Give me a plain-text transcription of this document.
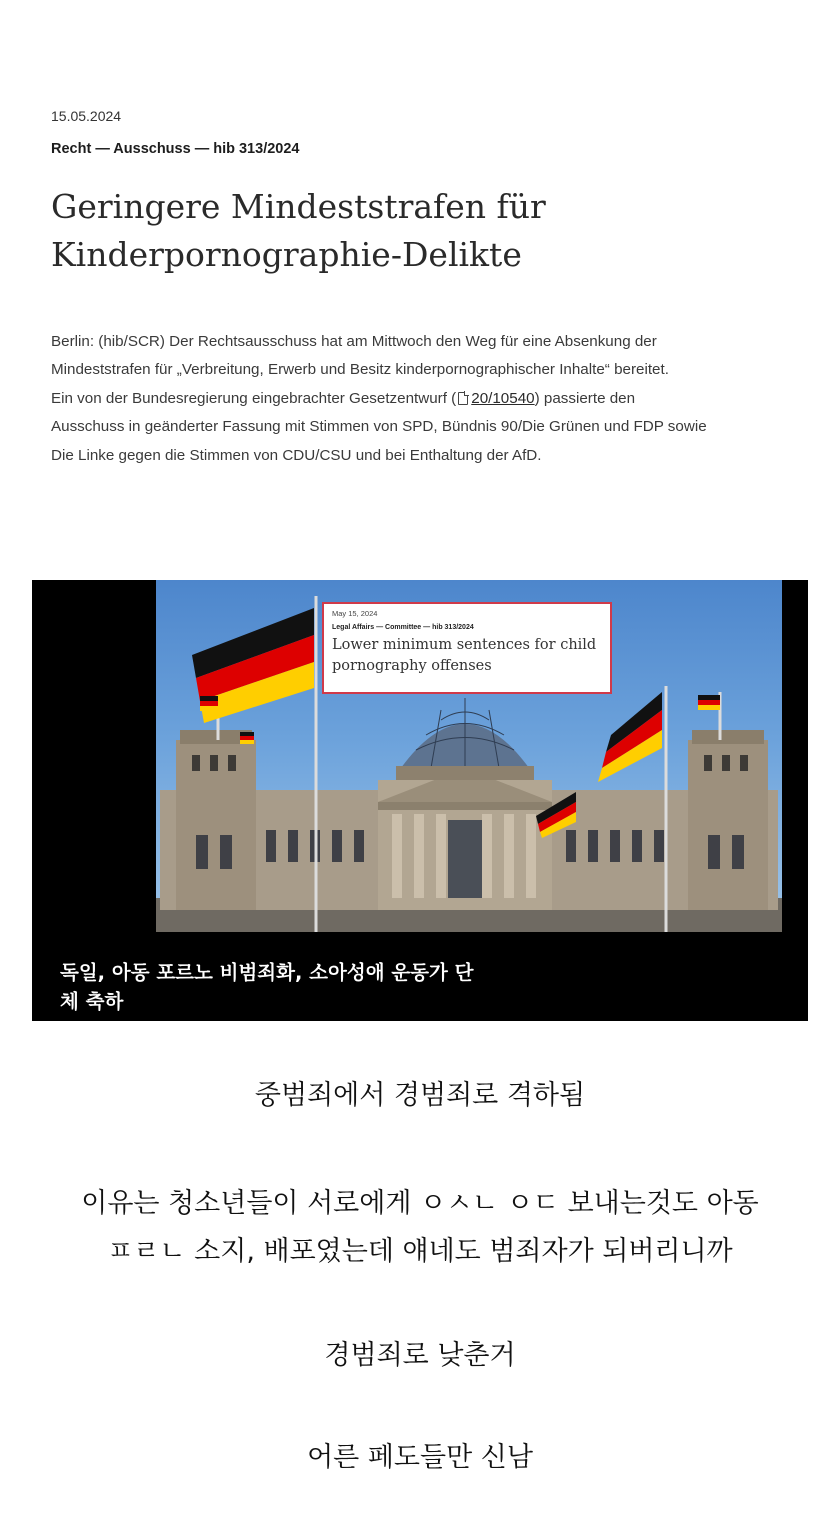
15.05.2024
Recht — Ausschuss — hib 313/2024
Geringere Mindeststrafen für
Kinderpornographie-Delikte

Berlin: (hib/SCR) Der Rechtsausschuss hat am Mittwoch den Weg für eine Absenkung der
Mindeststrafen für „Verbreitung, Erwerb und Besitz kinderpornographischer Inhalte“ bereitet.
Ein von der Bundesregierung eingebrachter Gesetzentwurf ( 20/10540) passierte den
Ausschuss in geänderter Fassung mit Stimmen von SPD, Bündnis 90/Die Grünen und FDP sowie
Die Linke gegen die Stimmen von CDU/CSU und bei Enthaltung der AfD.

May 15, 2024
Legal Affairs — Committee — hib 313/2024
Lower minimum sentences for child
pornography offenses
독일, 아동 포르노 비범죄화, 소아성애 운동가 단
체 축하
중범죄에서 경범죄로 격하됨
이유는 청소년들이 서로에게 ㅇㅅㄴ ㅇㄷ 보내는것도 아동
ㅍㄹㄴ 소지, 배포였는데 얘네도 범죄자가 되버리니까
경범죄로 낮춘거
어른 페도들만 신남
